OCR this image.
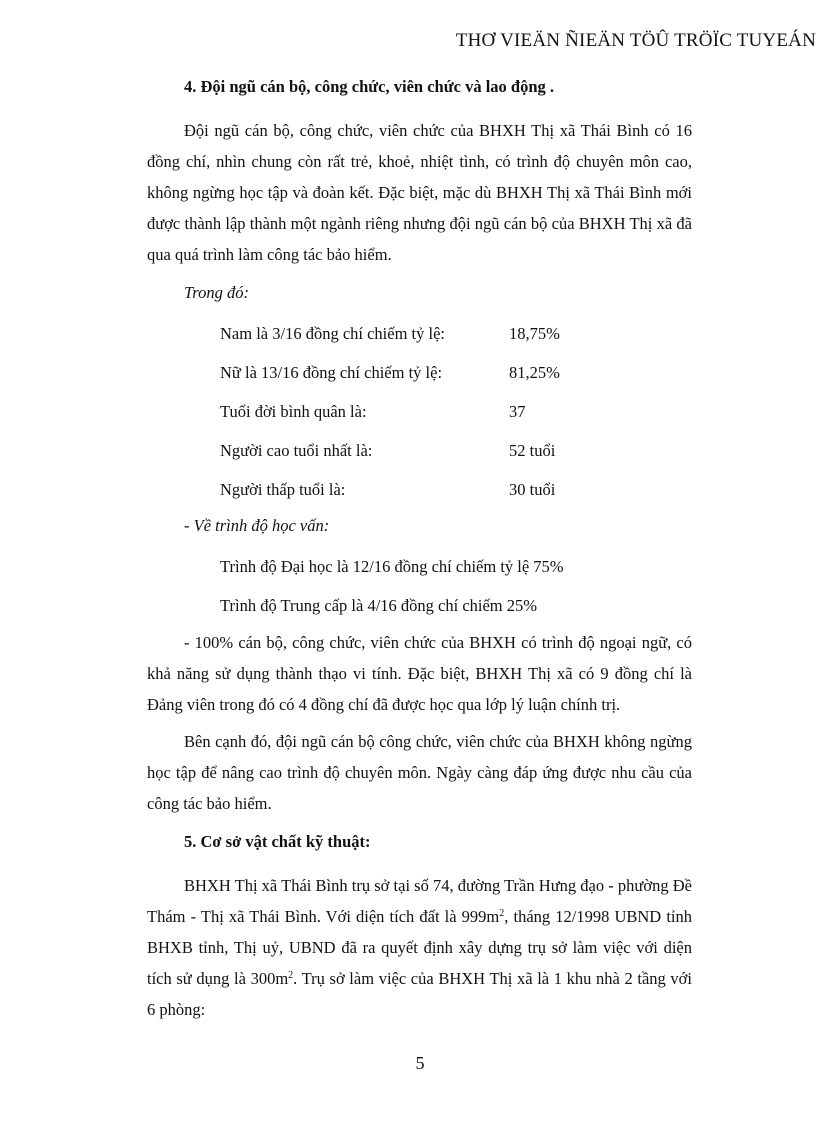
THƠ VIEÄN ÑIEÄN TÖÛ TRÖÏC TUYEÁN
4. Đội ngũ cán bộ, công chức, viên chức và lao động .

Đội ngũ cán bộ, công chức, viên chức của BHXH Thị xã Thái Bình có 16 đồng chí, nhìn chung còn rất trẻ, khoẻ, nhiệt tình, có trình độ chuyên môn cao, không ngừng học tập và đoàn kết. Đặc biệt, mặc dù BHXH Thị xã Thái Bình mới được thành lập thành một ngành riêng nhưng đội ngũ cán bộ của BHXH Thị xã đã qua quá trình làm công tác bảo hiểm.

Trong đó:
Nam là 3/16 đồng chí chiếm tỷ lệ:	18,75%
Nữ là 13/16 đồng chí chiếm tỷ lệ:	81,25%
Tuổi đời bình quân là:	37
Người cao tuổi nhất là:	52 tuổi
Người thấp tuổi là:	30 tuổi
- Về trình độ học vấn:
Trình độ Đại học là 12/16 đồng chí chiếm tỷ lệ 75%
Trình độ Trung cấp là 4/16 đồng chí chiếm 25%

- 100% cán bộ, công chức, viên chức của BHXH có trình độ ngoại ngữ, có khả năng sử dụng thành thạo vi tính. Đặc biệt, BHXH Thị xã có 9 đồng chí là Đảng viên trong đó có 4 đồng chí đã được học qua lớp lý luận chính trị.

Bên cạnh đó, đội ngũ cán bộ công chức, viên chức của BHXH không ngừng học tập để nâng cao trình độ chuyên môn. Ngày càng đáp ứng được nhu cầu của công tác bảo hiểm.

5. Cơ sở vật chất kỹ thuật:

BHXH Thị xã Thái Bình trụ sở tại số 74, đường Trần Hưng đạo - phường Đề Thám - Thị xã Thái Bình. Với diện tích đất là $999m^2$, tháng 12/1998 UBND tỉnh BHXB tỉnh, Thị uỷ, UBND đã ra quyết định xây dựng trụ sở làm việc với diện tích sử dụng là $300m^2$. Trụ sở làm việc của BHXH Thị xã là 1 khu nhà 2 tầng với 6 phòng:

5
